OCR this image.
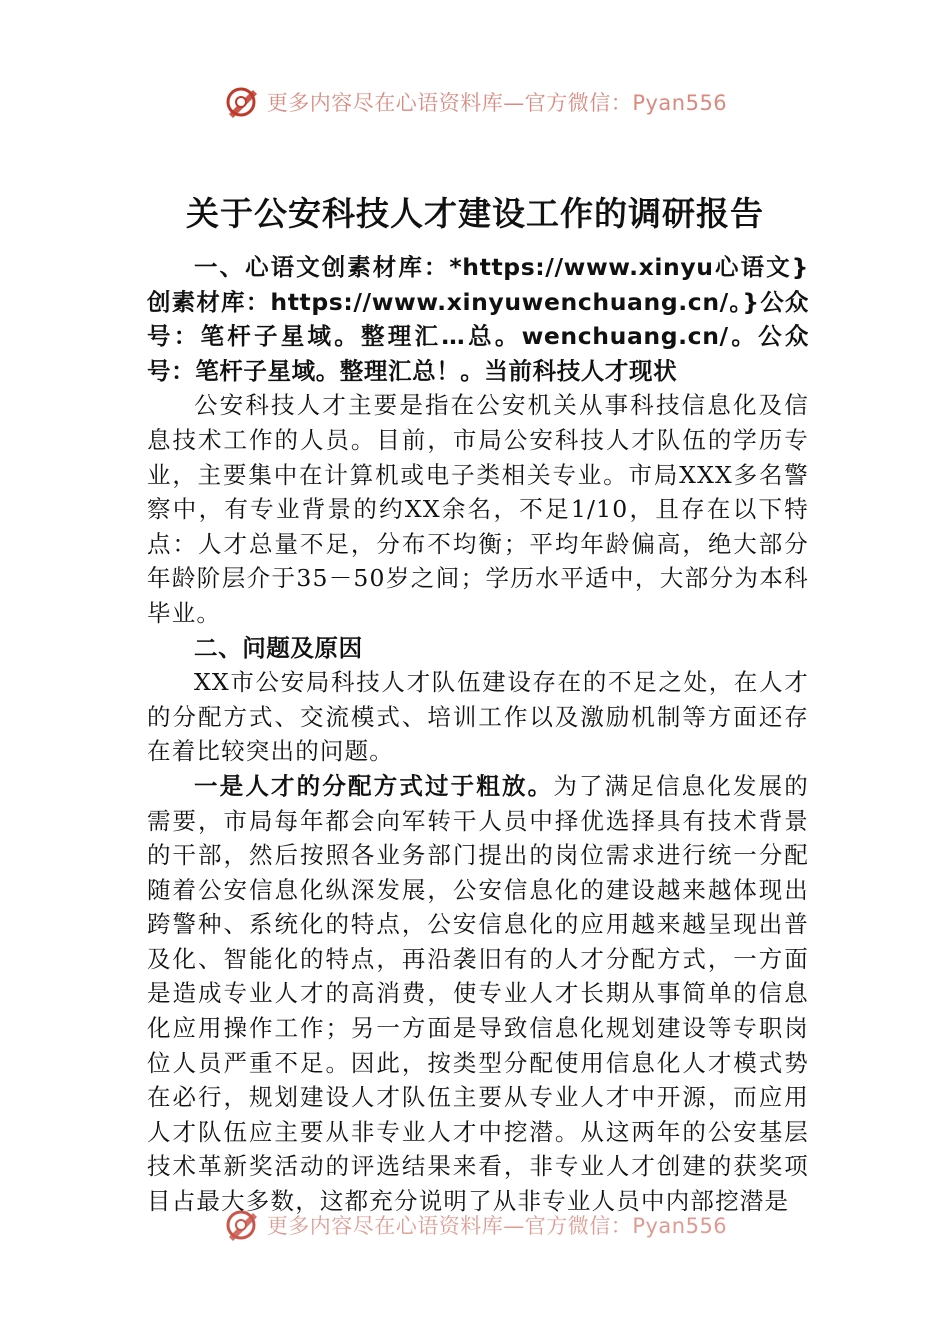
更多内容尽在心语资料库—官方微信：Pyan556
关于公安科技人才建设工作的调研报告

一、心语文创素材库：*https://www.xinyu心语文}创素材库：https://www.xinyuwenchuang.cn/。}公众号：笔杆子星域。整理汇…总。wenchuang.cn/。公众号：笔杆子星域。整理汇总！。当前科技人才现状

公安科技人才主要是指在公安机关从事科技信息化及信息技术工作的人员。目前，市局公安科技人才队伍的学历专业，主要集中在计算机或电子类相关专业。市局XXX多名警察中，有专业背景的约XX余名，不足1/10，且存在以下特点：人才总量不足，分布不均衡；平均年龄偏高，绝大部分年龄阶层介于35－50岁之间；学历水平适中，大部分为本科毕业。

二、问题及原因

XX市公安局科技人才队伍建设存在的不足之处，在人才的分配方式、交流模式、培训工作以及激励机制等方面还存在着比较突出的问题。

一是人才的分配方式过于粗放。为了满足信息化发展的需要，市局每年都会向军转干人员中择优选择具有技术背景的干部，然后按照各业务部门提出的岗位需求进行统一分配随着公安信息化纵深发展，公安信息化的建设越来越体现出跨警种、系统化的特点，公安信息化的应用越来越呈现出普及化、智能化的特点，再沿袭旧有的人才分配方式，一方面是造成专业人才的高消费，使专业人才长期从事简单的信息化应用操作工作；另一方面是导致信息化规划建设等专职岗位人员严重不足。因此，按类型分配使用信息化人才模式势在必行，规划建设人才队伍主要从专业人才中开源，而应用人才队伍应主要从非专业人才中挖潜。从这两年的公安基层技术革新奖活动的评选结果来看，非专业人才创建的获奖项目占最大多数，这都充分说明了从非专业人员中内部挖潜是

更多内容尽在心语资料库—官方微信：Pyan556
